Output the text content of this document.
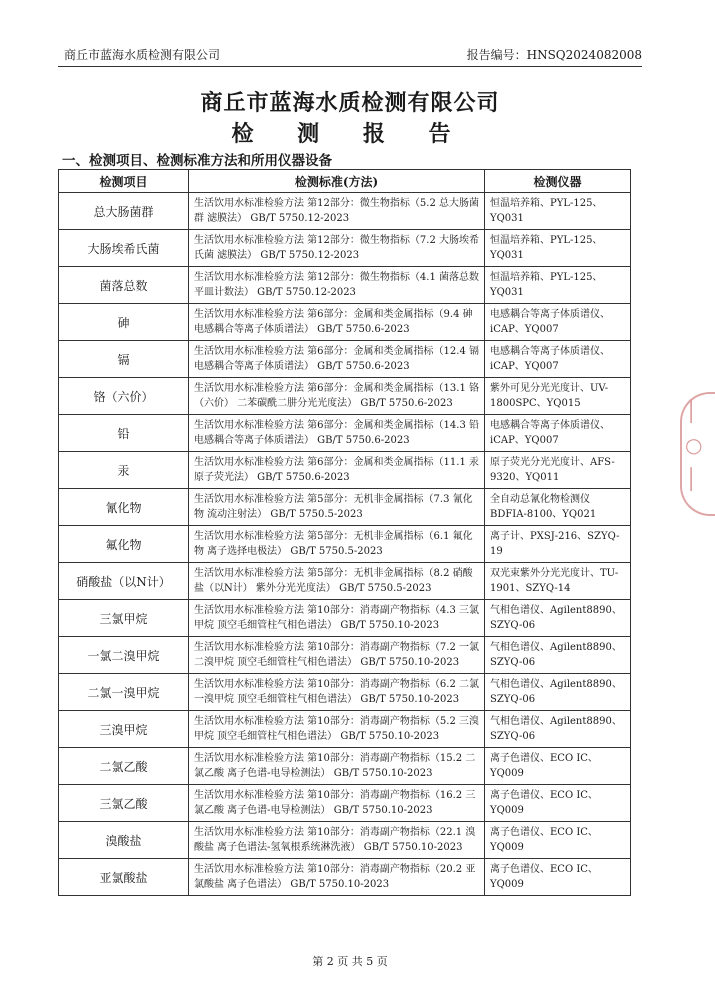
商丘市蓝海水质检测有限公司	报告编号：HNSQ2024082008
商丘市蓝海水质检测有限公司
检 测 报 告
一、检测项目、检测标准方法和所用仪器设备
检测项目	检测标准(方法)	检测仪器
总大肠菌群	生活饮用水标准检验方法 第12部分：微生物指标（5.2 总大肠菌群 滤膜法） GB/T 5750.12-2023	恒温培养箱、PYL-125、YQ031
大肠埃希氏菌	生活饮用水标准检验方法 第12部分：微生物指标（7.2 大肠埃希氏菌 滤膜法） GB/T 5750.12-2023	恒温培养箱、PYL-125、YQ031
菌落总数	生活饮用水标准检验方法 第12部分：微生物指标（4.1 菌落总数 平皿计数法） GB/T 5750.12-2023	恒温培养箱、PYL-125、YQ031
砷	生活饮用水标准检验方法 第6部分：金属和类金属指标（9.4 砷 电感耦合等离子体质谱法） GB/T 5750.6-2023	电感耦合等离子体质谱仪、iCAP、YQ007
镉	生活饮用水标准检验方法 第6部分：金属和类金属指标（12.4 镉 电感耦合等离子体质谱法） GB/T 5750.6-2023	电感耦合等离子体质谱仪、iCAP、YQ007
铬（六价）	生活饮用水标准检验方法 第6部分：金属和类金属指标（13.1 铬（六价） 二苯碳酰二肼分光光度法） GB/T 5750.6-2023	紫外可见分光光度计、UV-1800SPC、YQ015
铅	生活饮用水标准检验方法 第6部分：金属和类金属指标（14.3 铅 电感耦合等离子体质谱法） GB/T 5750.6-2023	电感耦合等离子体质谱仪、iCAP、YQ007
汞	生活饮用水标准检验方法 第6部分：金属和类金属指标（11.1 汞 原子荧光法） GB/T 5750.6-2023	原子荧光分光光度计、AFS-9320、YQ011
氰化物	生活饮用水标准检验方法 第5部分：无机非金属指标（7.3 氰化物 流动注射法） GB/T 5750.5-2023	全自动总氰化物检测仪 BDFIA-8100、YQ021
氟化物	生活饮用水标准检验方法 第5部分：无机非金属指标（6.1 氟化物 离子选择电极法） GB/T 5750.5-2023	离子计、PXSJ-216、SZYQ-19
硝酸盐（以N计）	生活饮用水标准检验方法 第5部分：无机非金属指标（8.2 硝酸盐（以N计） 紫外分光光度法） GB/T 5750.5-2023	双光束紫外分光光度计、TU-1901、SZYQ-14
三氯甲烷	生活饮用水标准检验方法 第10部分：消毒副产物指标（4.3 三氯甲烷 顶空毛细管柱气相色谱法） GB/T 5750.10-2023	气相色谱仪、Agilent8890、SZYQ-06
一氯二溴甲烷	生活饮用水标准检验方法 第10部分：消毒副产物指标（7.2 一氯二溴甲烷 顶空毛细管柱气相色谱法） GB/T 5750.10-2023	气相色谱仪、Agilent8890、SZYQ-06
二氯一溴甲烷	生活饮用水标准检验方法 第10部分：消毒副产物指标（6.2 二氯一溴甲烷 顶空毛细管柱气相色谱法） GB/T 5750.10-2023	气相色谱仪、Agilent8890、SZYQ-06
三溴甲烷	生活饮用水标准检验方法 第10部分：消毒副产物指标（5.2 三溴甲烷 顶空毛细管柱气相色谱法） GB/T 5750.10-2023	气相色谱仪、Agilent8890、SZYQ-06
二氯乙酸	生活饮用水标准检验方法 第10部分：消毒副产物指标（15.2 二氯乙酸 离子色谱-电导检测法） GB/T 5750.10-2023	离子色谱仪、ECO IC、YQ009
三氯乙酸	生活饮用水标准检验方法 第10部分：消毒副产物指标（16.2 三氯乙酸 离子色谱-电导检测法） GB/T 5750.10-2023	离子色谱仪、ECO IC、YQ009
溴酸盐	生活饮用水标准检验方法 第10部分：消毒副产物指标（22.1 溴酸盐 离子色谱法-氢氧根系统淋洗液） GB/T 5750.10-2023	离子色谱仪、ECO IC、YQ009
亚氯酸盐	生活饮用水标准检验方法 第10部分：消毒副产物指标（20.2 亚氯酸盐 离子色谱法） GB/T 5750.10-2023	离子色谱仪、ECO IC、YQ009
│
○
│
第 2 页 共 5 页
